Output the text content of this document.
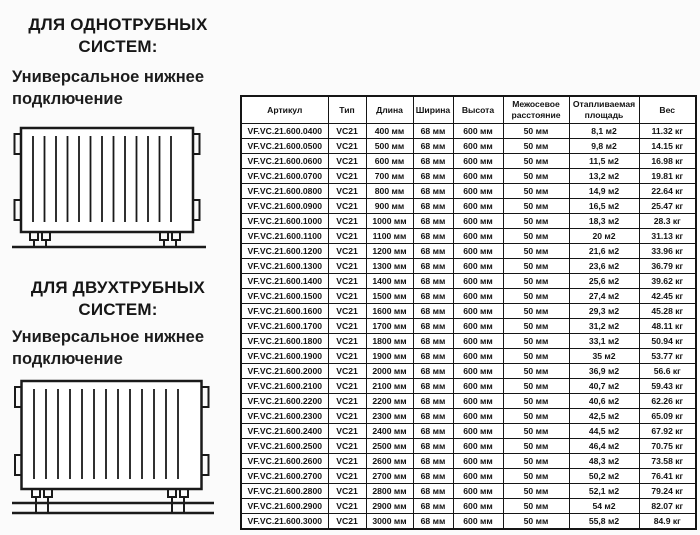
ДЛЯ ОДНОТРУБНЫХ СИСТЕМ:

Универсальное нижнее подключение

ДЛЯ ДВУХТРУБНЫХ СИСТЕМ:

Универсальное нижнее подключение

Артикул	Тип	Длина	Ширина	Высота	Межосевое расстояние	Отапливаемая площадь	Вес
VF.VC.21.600.0400	VC21	400 мм	68 мм	600 мм	50 мм	8,1 м2	11.32 кг
VF.VC.21.600.0500	VC21	500 мм	68 мм	600 мм	50 мм	9,8 м2	14.15 кг
VF.VC.21.600.0600	VC21	600 мм	68 мм	600 мм	50 мм	11,5 м2	16.98 кг
VF.VC.21.600.0700	VC21	700 мм	68 мм	600 мм	50 мм	13,2 м2	19.81 кг
VF.VC.21.600.0800	VC21	800 мм	68 мм	600 мм	50 мм	14,9 м2	22.64 кг
VF.VC.21.600.0900	VC21	900 мм	68 мм	600 мм	50 мм	16,5 м2	25.47 кг
VF.VC.21.600.1000	VC21	1000 мм	68 мм	600 мм	50 мм	18,3 м2	28.3 кг
VF.VC.21.600.1100	VC21	1100 мм	68 мм	600 мм	50 мм	20 м2	31.13 кг
VF.VC.21.600.1200	VC21	1200 мм	68 мм	600 мм	50 мм	21,6 м2	33.96 кг
VF.VC.21.600.1300	VC21	1300 мм	68 мм	600 мм	50 мм	23,6 м2	36.79 кг
VF.VC.21.600.1400	VC21	1400 мм	68 мм	600 мм	50 мм	25,6 м2	39.62 кг
VF.VC.21.600.1500	VC21	1500 мм	68 мм	600 мм	50 мм	27,4 м2	42.45 кг
VF.VC.21.600.1600	VC21	1600 мм	68 мм	600 мм	50 мм	29,3 м2	45.28 кг
VF.VC.21.600.1700	VC21	1700 мм	68 мм	600 мм	50 мм	31,2 м2	48.11 кг
VF.VC.21.600.1800	VC21	1800 мм	68 мм	600 мм	50 мм	33,1 м2	50.94 кг
VF.VC.21.600.1900	VC21	1900 мм	68 мм	600 мм	50 мм	35 м2	53.77 кг
VF.VC.21.600.2000	VC21	2000 мм	68 мм	600 мм	50 мм	36,9 м2	56.6 кг
VF.VC.21.600.2100	VC21	2100 мм	68 мм	600 мм	50 мм	40,7 м2	59.43 кг
VF.VC.21.600.2200	VC21	2200 мм	68 мм	600 мм	50 мм	40,6 м2	62.26 кг
VF.VC.21.600.2300	VC21	2300 мм	68 мм	600 мм	50 мм	42,5 м2	65.09 кг
VF.VC.21.600.2400	VC21	2400 мм	68 мм	600 мм	50 мм	44,5 м2	67.92 кг
VF.VC.21.600.2500	VC21	2500 мм	68 мм	600 мм	50 мм	46,4 м2	70.75 кг
VF.VC.21.600.2600	VC21	2600 мм	68 мм	600 мм	50 мм	48,3 м2	73.58 кг
VF.VC.21.600.2700	VC21	2700 мм	68 мм	600 мм	50 мм	50,2 м2	76.41 кг
VF.VC.21.600.2800	VC21	2800 мм	68 мм	600 мм	50 мм	52,1 м2	79.24 кг
VF.VC.21.600.2900	VC21	2900 мм	68 мм	600 мм	50 мм	54 м2	82.07 кг
VF.VC.21.600.3000	VC21	3000 мм	68 мм	600 мм	50 мм	55,8 м2	84.9 кг
